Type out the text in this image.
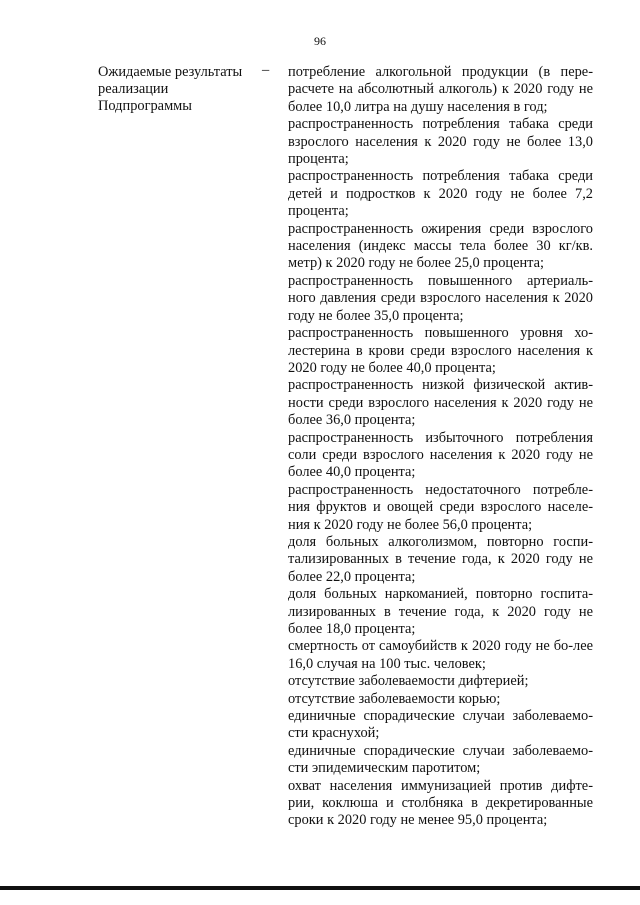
96
Ожидаемые результаты
реализации
Подпрограммы
– потребление алкогольной продукции (в пере-расчете на абсолютный алкоголь) к 2020 году не более 10,0 литра на душу населения в год;

распространенность потребления табака среди взрослого населения к 2020 году не более 13,0 процента;

распространенность потребления табака среди детей и подростков к 2020 году не более 7,2 процента;

распространенность ожирения среди взрослого населения (индекс массы тела более 30 кг/кв. метр) к 2020 году не более 25,0 процента;

распространенность повышенного артериаль-ного давления среди взрослого населения к 2020 году не более 35,0 процента;

распространенность повышенного уровня хо-лестерина в крови среди взрослого населения к 2020 году не более 40,0 процента;

распространенность низкой физической актив-ности среди взрослого населения к 2020 году не более 36,0 процента;

распространенность избыточного потребления соли среди взрослого населения к 2020 году не более 40,0 процента;

распространенность недостаточного потребле-ния фруктов и овощей среди взрослого населе-ния к 2020 году не более 56,0 процента;

доля больных алкоголизмом, повторно госпи-тализированных в течение года, к 2020 году не более 22,0 процента;

доля больных наркоманией, повторно госпита-лизированных в течение года, к 2020 году не более 18,0 процента;

смертность от самоубийств к 2020 году не бо-лее 16,0 случая на 100 тыс. человек;

отсутствие заболеваемости дифтерией;

отсутствие заболеваемости корью;

единичные спорадические случаи заболеваемо-сти краснухой;

единичные спорадические случаи заболеваемо-сти эпидемическим паротитом;

охват населения иммунизацией против дифте-рии, коклюша и столбняка в декретированные сроки к 2020 году не менее 95,0 процента;
